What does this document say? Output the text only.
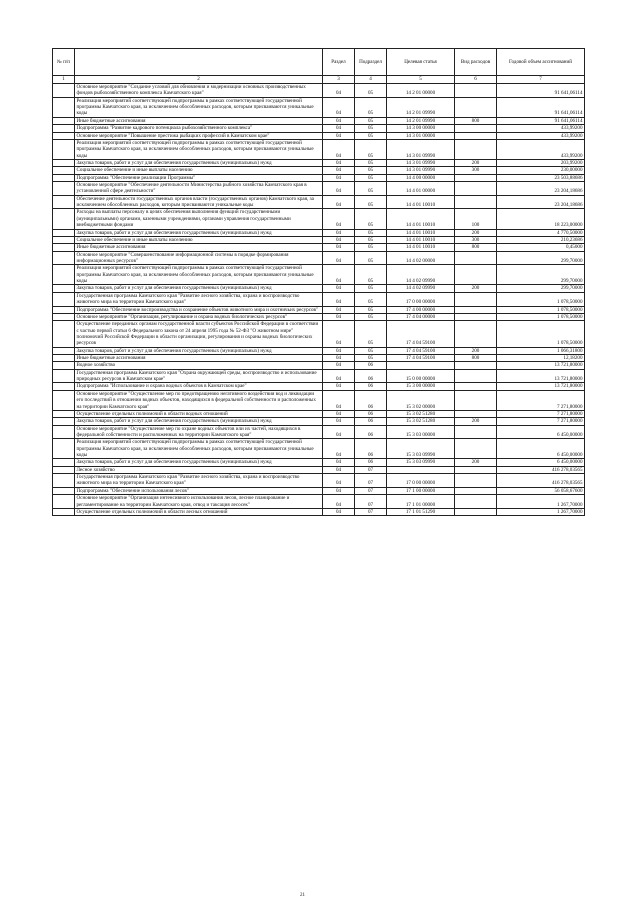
№ п/п		Раздел	Подраздел	Целевая статья	Вид расходов	Годовой объем ассигнований
1	2	3	4	5	6	7
	Основное мероприятие "Создание условий для обновления и модернизации основных производственных фондов рыбохозяйственного комплекса Камчатского края"	04	05	14 2 01 00000		91 641,06114
	Реализация мероприятий соответствующей подпрограммы в рамках соответствующей государственной программы Камчатского края, за исключением обособленных расходов, которым присваиваются уникальные коды	04	05	14 2 01 09990		91 641,06114
	Иные бюджетные ассигнования	04	05	14 2 01 09990	800	91 641,06114
	Подпрограмма "Развитие кадрового потенциала рыбохозяйственного комплекса"	04	05	14 3 00 00000		433,99200
	Основное мероприятие "Повышение престижа рыбацких профессий в Камчатском крае"	04	05	14 3 01 00000		433,99200
	Реализация мероприятий соответствующей подпрограммы в рамках соответствующей государственной программы Камчатского края, за исключением обособленных расходов, которым присваиваются уникальные коды	04	05	14 3 01 09990		433,99200
	Закупка товаров, работ и услуг для обеспечения государственных (муниципальных) нужд	04	05	14 3 01 09990	200	203,99200
	Социальное обеспечение и иные выплаты населению	04	05	14 3 01 09990	300	230,00000
	Подпрограмма "Обеспечение реализации Программы"	04	05	14 4 00 00000		23 503,88686
	Основное мероприятие "Обеспечение деятельности Министерства рыбного хозяйства Камчатского края в установленной сфере деятельности"	04	05	14 4 01 00000		23 204,18686
	Обеспечение деятельности государственных органов власти (государственных органов) Камчатского края, за исключением обособленных расходов, которым присваиваются уникальные коды	04	05	14 4 01 10010		23 204,18686
	Расходы на выплаты персоналу в целях обеспечения выполнения функций государственными (муниципальными) органами, казенными учреждениями, органами управления государственными внебюджетными фондами	04	05	14 4 01 10010	100	18 223,00000
	Закупка товаров, работ и услуг для обеспечения государственных (муниципальных) нужд	04	05	14 4 01 10010	200	4 770,50000
	Социальное обеспечение и иные выплаты населению	04	05	14 4 01 10010	300	210,23686
	Иные бюджетные ассигнования	04	05	14 4 01 10010	800	0,45000
	Основное мероприятие "Совершенствование информационной системы в порядке формирования информационных ресурсов"	04	05	14 4 02 00000		299,70000
	Реализация мероприятий соответствующей подпрограммы в рамках соответствующей государственной программы Камчатского края, за исключением обособленных расходов, которым присваиваются уникальные коды	04	05	14 4 02 09990		299,70000
	Закупка товаров, работ и услуг для обеспечения государственных (муниципальных) нужд	04	05	14 4 02 09990	200	299,70000
	Государственная программа Камчатского края "Развитие лесного хозяйства, охрана и воспроизводство животного мира на территории Камчатского края"	04	05	17 0 00 00000		1 078,50000
	Подпрограмма "Обеспечение воспроизводства и сохранение объектов животного мира и охотничьих ресурсов"	04	05	17 4 00 00000		1 078,50000
	Основное мероприятие "Организация, регулирование и охрана водных биологических ресурсов"	04	05	17 4 04 00000		1 078,50000
	Осуществление переданных органам государственной власти субъектов Российской Федерации в соответствии с частью первой статьи 6 Федерального закона от 24 апреля 1995 года № 52-ФЗ "О животном мире" полномочий Российской Федерации в области организации, регулирования и охраны водных биологических ресурсов	04	05	17 4 04 59100		1 078,50000
	Закупка товаров, работ и услуг для обеспечения государственных (муниципальных) нужд	04	05	17 4 04 59100	200	1 066,31800
	Иные бюджетные ассигнования	04	05	17 4 04 59100	800	12,18200
	Водное хозяйство	04	06			13 721,80000
	Государственная программа Камчатского края "Охрана окружающей среды, воспроизводство и использование природных ресурсов в Камчатском крае"	04	06	15 0 00 00000		13 721,80000
	Подпрограмма "Использование и охрана водных объектов в Камчатском крае"	04	06	15 3 00 00000		13 721,80000
	Основное мероприятие "Осуществление мер по предотвращению негативного воздействия вод и ликвидации его последствий в отношении водных объектов, находящихся в федеральной собственности и расположенных на территории Камчатского края"	04	06	15 3 02 00000		7 271,80000
	Осуществление отдельных полномочий в области водных отношений	04	06	15 3 02 51280		7 271,80000
	Закупка товаров, работ и услуг для обеспечения государственных (муниципальных) нужд	04	06	15 3 02 51280	200	7 271,80000
	Основное мероприятие "Осуществление мер по охране водных объектов или их частей, находящихся в федеральной собственности и расположенных на территории Камчатского края"	04	06	15 3 03 00000		6 450,00000
	Реализация мероприятий соответствующей подпрограммы в рамках соответствующей государственной программы Камчатского края, за исключением обособленных расходов, которым присваиваются уникальные коды	04	06	15 3 03 09990		6 450,00000
	Закупка товаров, работ и услуг для обеспечения государственных (муниципальных) нужд	04	06	15 3 03 09990	200	6 450,00000
	Лесное хозяйство	04	07			416 278,03565
	Государственная программа Камчатского края "Развитие лесного хозяйства, охрана и воспроизводство животного мира на территории Камчатского края"	04	07	17 0 00 00000		416 278,03565
	Подпрограмма "Обеспечение использования лесов"	04	07	17 1 00 00000		56 058,67600
	Основное мероприятие "Организация интенсивного использования лесов, лесное планирование и регламентирование на территории Камчатского края, отвод и таксация лесосек"	04	07	17 1 01 00000		1 267,70000
	Осуществление отдельных полномочий в области лесных отношений	04	07	17 1 01 51290		1 267,70000
21
